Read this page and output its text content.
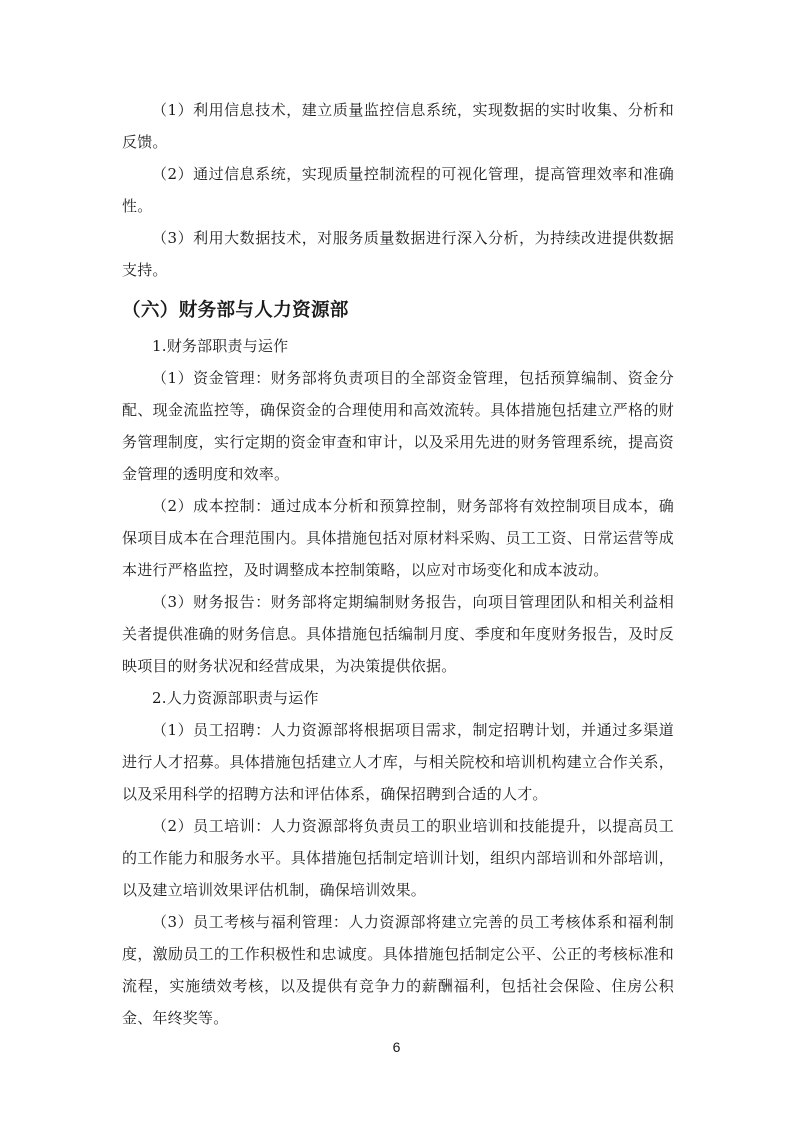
（1）利用信息技术，建立质量监控信息系统，实现数据的实时收集、分析和反馈。

（2）通过信息系统，实现质量控制流程的可视化管理，提高管理效率和准确性。

（3）利用大数据技术，对服务质量数据进行深入分析，为持续改进提供数据支持。

（六）财务部与人力资源部

1.财务部职责与运作

（1）资金管理：财务部将负责项目的全部资金管理，包括预算编制、资金分配、现金流监控等，确保资金的合理使用和高效流转。具体措施包括建立严格的财务管理制度，实行定期的资金审查和审计，以及采用先进的财务管理系统，提高资金管理的透明度和效率。

（2）成本控制：通过成本分析和预算控制，财务部将有效控制项目成本，确保项目成本在合理范围内。具体措施包括对原材料采购、员工工资、日常运营等成本进行严格监控，及时调整成本控制策略，以应对市场变化和成本波动。

（3）财务报告：财务部将定期编制财务报告，向项目管理团队和相关利益相关者提供准确的财务信息。具体措施包括编制月度、季度和年度财务报告，及时反映项目的财务状况和经营成果，为决策提供依据。

2.人力资源部职责与运作

（1）员工招聘：人力资源部将根据项目需求，制定招聘计划，并通过多渠道进行人才招募。具体措施包括建立人才库，与相关院校和培训机构建立合作关系，以及采用科学的招聘方法和评估体系，确保招聘到合适的人才。

（2）员工培训：人力资源部将负责员工的职业培训和技能提升，以提高员工的工作能力和服务水平。具体措施包括制定培训计划，组织内部培训和外部培训，以及建立培训效果评估机制，确保培训效果。

（3）员工考核与福利管理：人力资源部将建立完善的员工考核体系和福利制度，激励员工的工作积极性和忠诚度。具体措施包括制定公平、公正的考核标准和流程，实施绩效考核，以及提供有竞争力的薪酬福利，包括社会保险、住房公积金、年终奖等。

6
